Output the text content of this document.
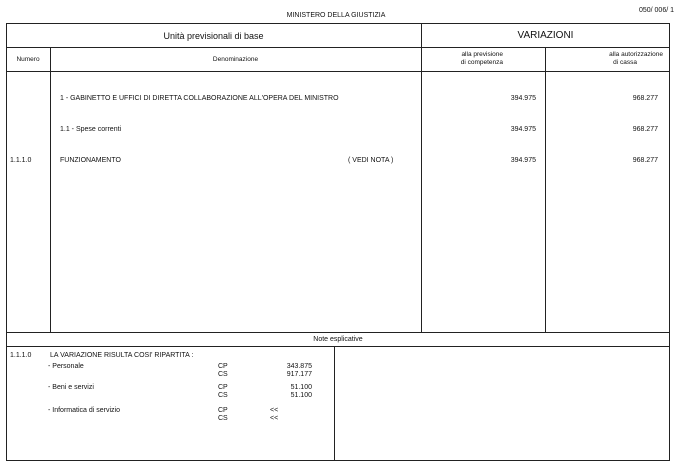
MINISTERO DELLA GIUSTIZIA
050/ 006/ 1
Unità previsionali di base	VARIAZIONI
Numero	Denominazione
alla previsione
di competenza
alla autorizzazione
di cassa
1 - GABINETTO E UFFICI DI DIRETTA COLLABORAZIONE ALL'OPERA DEL MINISTRO	394.975	968.277
1.1 - Spese correnti	394.975	968.277
1.1.1.0	FUNZIONAMENTO	( VEDI NOTA )	394.975	968.277
Note esplicative
1.1.1.0	LA VARIAZIONE RISULTA COSI' RIPARTITA :
- Personale	CP	343.875
CS	917.177
- Beni e servizi	CP	51.100
CS	51.100
- Informatica di servizio	CP	<<
CS	<<
